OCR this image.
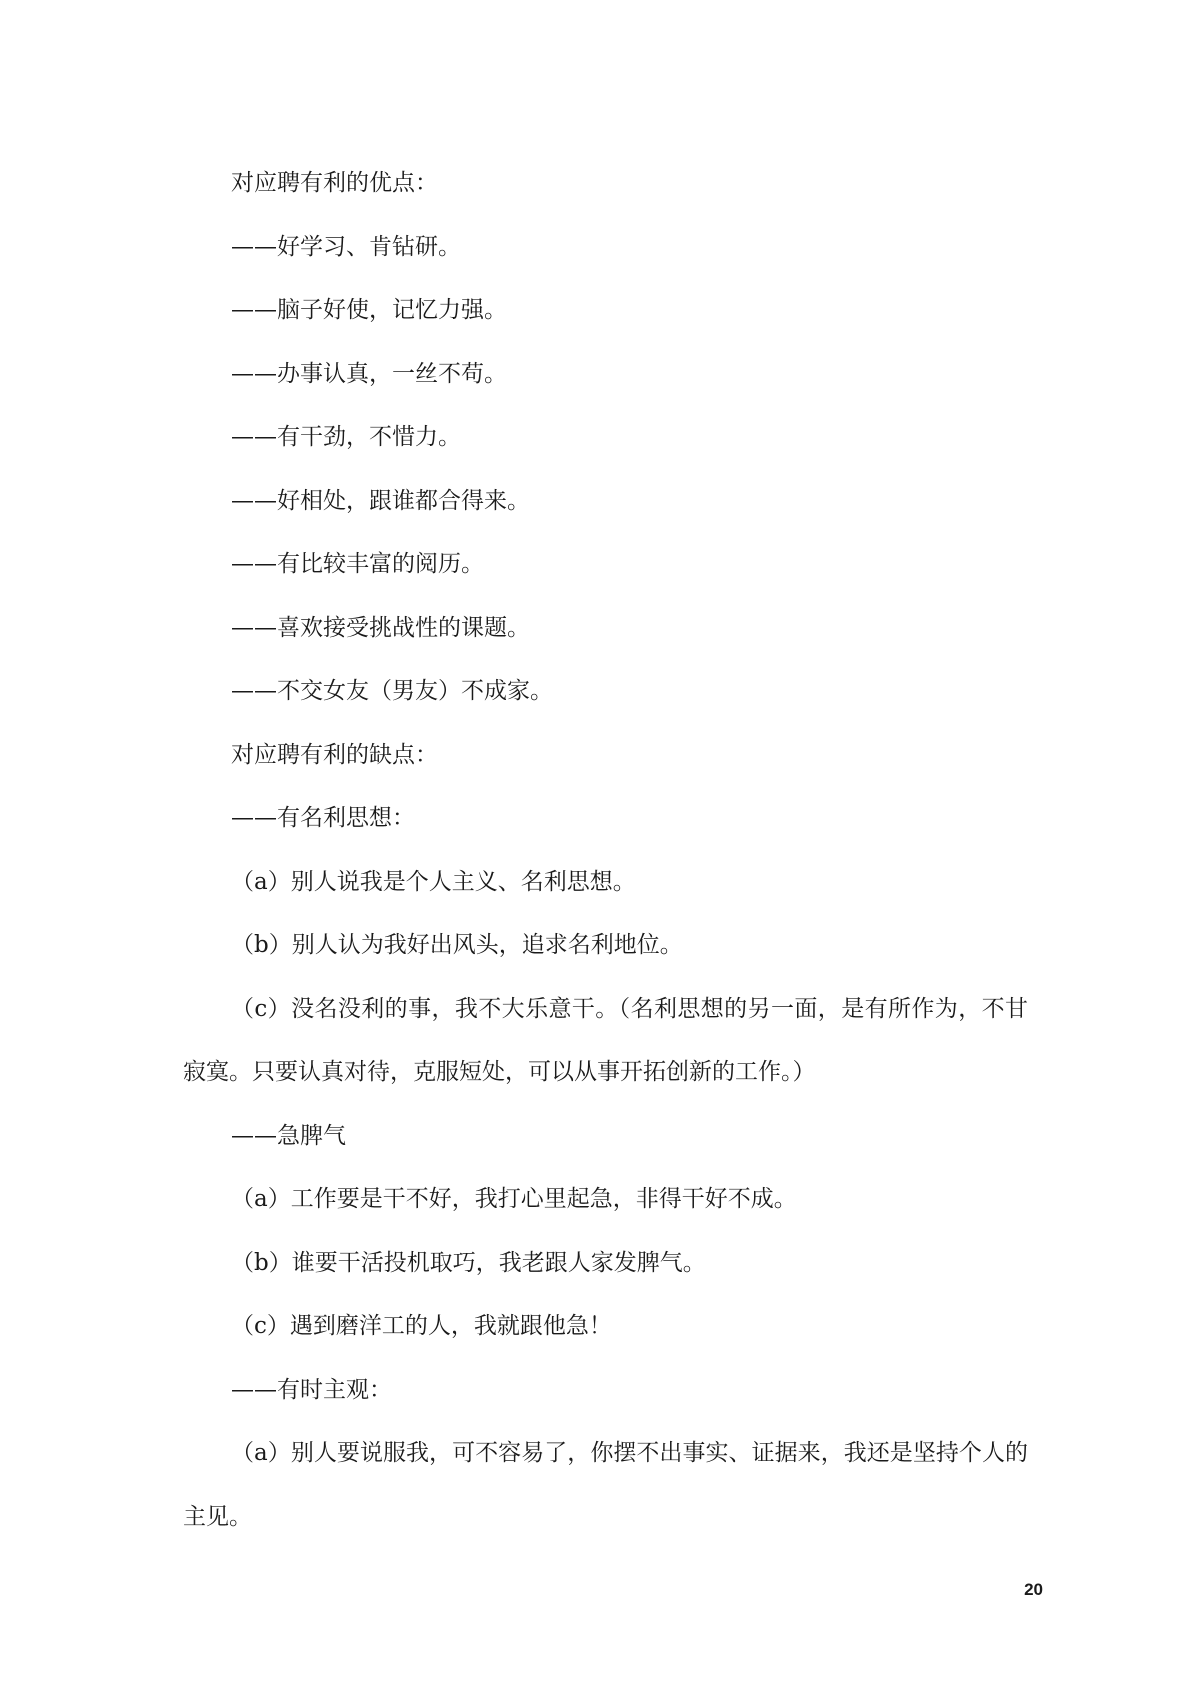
对应聘有利的优点：

——好学习、肯钻研。

——脑子好使，记忆力强。

——办事认真，一丝不苟。

——有干劲，不惜力。

——好相处，跟谁都合得来。

——有比较丰富的阅历。

——喜欢接受挑战性的课题。

——不交女友（男友）不成家。

对应聘有利的缺点：

——有名利思想：

（a）别人说我是个人主义、名利思想。

（b）别人认为我好出风头，追求名利地位。

（c）没名没利的事，我不大乐意干。（名利思想的另一面，是有所作为，不甘寂寞。只要认真对待，克服短处，可以从事开拓创新的工作。）

——急脾气

（a）工作要是干不好，我打心里起急，非得干好不成。

（b）谁要干活投机取巧，我老跟人家发脾气。

（c）遇到磨洋工的人，我就跟他急！

——有时主观：

（a）别人要说服我，可不容易了，你摆不出事实、证据来，我还是坚持个人的主见。

20
